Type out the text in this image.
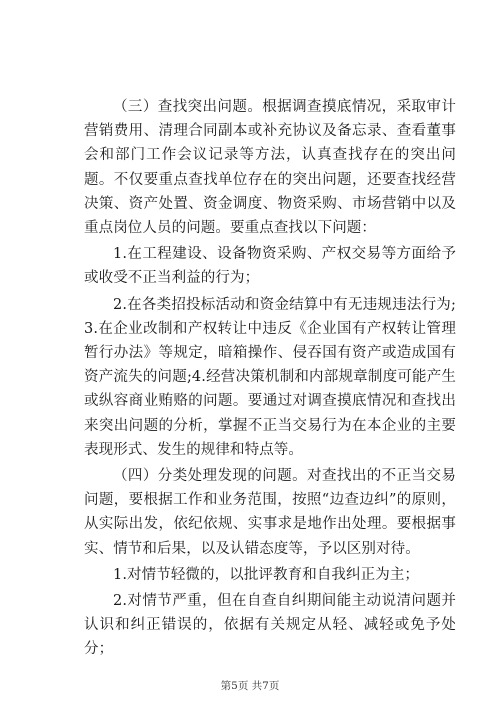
（三）查找突出问题。根据调查摸底情况，采取审计营销费用、清理合同副本或补充协议及备忘录、查看董事会和部门工作会议记录等方法，认真查找存在的突出问题。不仅要重点查找单位存在的突出问题，还要查找经营决策、资产处置、资金调度、物资采购、市场营销中以及重点岗位人员的问题。要重点查找以下问题：

1.在工程建设、设备物资采购、产权交易等方面给予或收受不正当利益的行为；

2.在各类招投标活动和资金结算中有无违规违法行为;3.在企业改制和产权转让中违反《企业国有产权转让管理暂行办法》等规定，暗箱操作、侵吞国有资产或造成国有资产流失的问题;4.经营决策机制和内部规章制度可能产生或纵容商业贿赂的问题。要通过对调查摸底情况和查找出来突出问题的分析，掌握不正当交易行为在本企业的主要表现形式、发生的规律和特点等。

（四）分类处理发现的问题。对查找出的不正当交易问题，要根据工作和业务范围，按照“边查边纠”的原则，从实际出发，依纪依规、实事求是地作出处理。要根据事实、情节和后果，以及认错态度等，予以区别对待。

1.对情节轻微的，以批评教育和自我纠正为主；

2.对情节严重，但在自查自纠期间能主动说清问题并认识和纠正错误的，依据有关规定从轻、减轻或免予处分；

第5页 共7页
